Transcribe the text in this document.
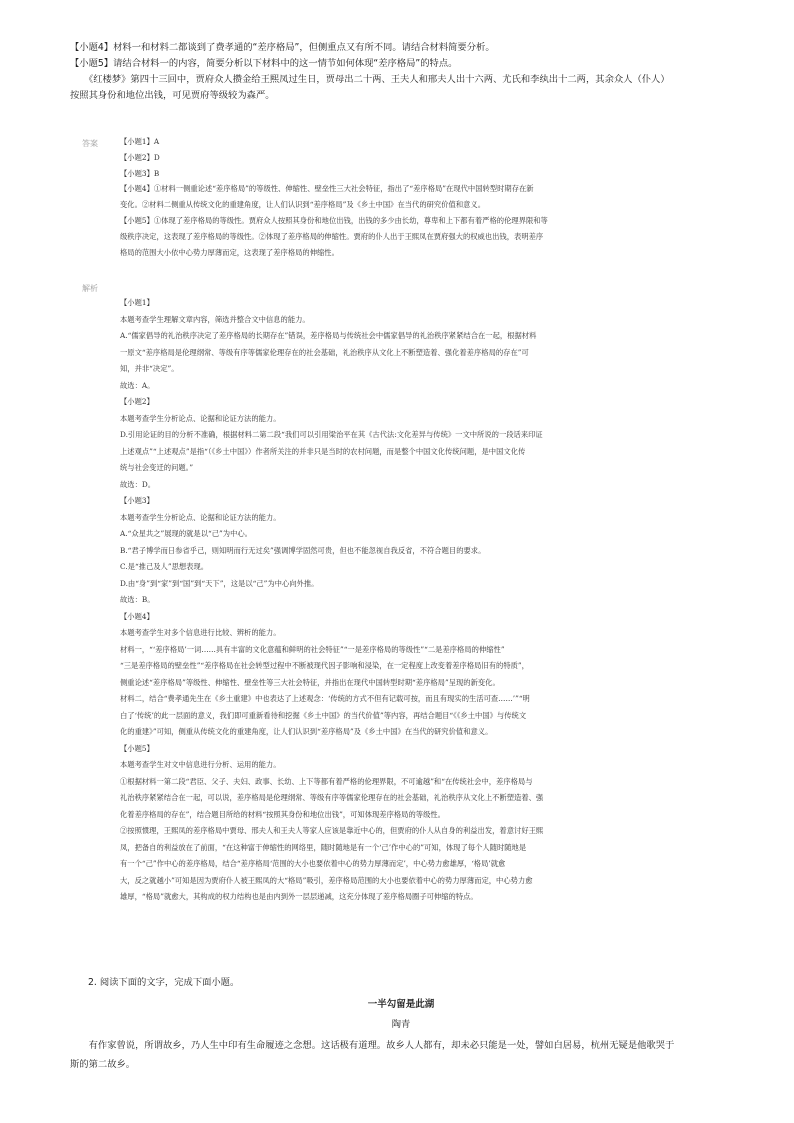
【小题4】材料一和材料二都谈到了费孝通的“差序格局”，但侧重点又有所不同。请结合材料简要分析。
【小题5】请结合材料一的内容，简要分析以下材料中的这一情节如何体现“差序格局”的特点。
　　《红楼梦》第四十三回中，贾府众人攒金给王熙凤过生日，贾母出二十两、王夫人和邢夫人出十六两、尤氏和李纨出十二两，其余众人（仆人）
按照其身份和地位出钱，可见贾府等级较为森严。
答案	【小题1】A
【小题2】D
【小题3】B
【小题4】①材料一侧重论述“差序格局”的等级性、伸缩性、壁垒性三大社会特征，指出了“差序格局”在现代中国转型时期存在新
变化。②材料二侧重从传统文化的重建角度，让人们认识到“差序格局”及《乡土中国》在当代的研究价值和意义。
【小题5】①体现了差序格局的等级性。贾府众人按照其身份和地位出钱，出钱的多少由长幼，尊卑和上下都有着严格的伦理界限和等
级秩序决定，这表现了差序格局的等级性。②体现了差序格局的伸缩性。贾府的仆人出于王熙凤在贾府强大的权威也出钱，表明差序
格局的范围大小依中心势力厚薄而定，这表现了差序格局的伸缩性。
解析
【小题1】
本题考查学生理解文章内容，筛选并整合文中信息的能力。
A.“儒家倡导的礼治秩序决定了差序格局的长期存在”错误，差序格局与传统社会中儒家倡导的礼治秩序紧紧结合在一起，根据材料
一原文“差序格局是伦理纲常、等级有序等儒家伦理存在的社会基础，礼治秩序从文化上不断塑造着、强化着差序格局的存在”可
知，并非“决定”。
故选：A。
【小题2】
本题考查学生分析论点、论据和论证方法的能力。
D.引用论证的目的分析不准确，根据材料二第二段“我们可以引用梁治平在其《古代法:文化差异与传统》一文中所说的一段话来印证
上述观点”“上述观点”是指“（《乡土中国》）作者所关注的并非只是当时的农村问题，而是整个中国文化传统问题，是中国文化传
统与社会变迁的问题。”
故选：D。
【小题3】
本题考查学生分析论点、论据和论证方法的能力。
A.“众星共之”展现的就是以“己”为中心。
B.“君子博学而日参省乎己，则知明而行无过矣”强调博学固然可贵，但也不能忽视自我反省，不符合题目的要求。
C.是“推己及人”思想表现。
D.由“身”到“家”到“国”到“天下”，这是以“己”为中心向外推。
故选：B。
【小题4】
本题考查学生对多个信息进行比较、辨析的能力。
材料一，“‘差序格局’一词……具有丰富的文化意蕴和鲜明的社会特征”“一是差序格局的等级性”“二是差序格局的伸缩性”
“三是差序格局的壁垒性”“差序格局在社会转型过程中不断被现代因子影响和浸染，在一定程度上改变着差序格局旧有的特质”，
侧重论述“差序格局”等级性、伸缩性、壁垒性等三大社会特征，并指出在现代中国转型时期“差序格局”呈现的新变化。
材料二，结合“费孝通先生在《乡土重建》中也表达了上述观念：‘传统的方式不但有记载可按，而且有现实的生活可查……’”“明
白了‘传统’的此一层面的意义，我们即可重新看待和挖掘《乡土中国》的当代价值”等内容，再结合题目“《《乡土中国》与传统文
化的重建》”可知，侧重从传统文化的重建角度，让人们认识到“差序格局”及《乡土中国》在当代的研究价值和意义。
【小题5】
本题考查学生对文中信息进行分析、运用的能力。
①根据材料一第二段“君臣、父子、夫妇、政事、长幼、上下等都有着严格的伦理界限，不可逾越”和“在传统社会中，差序格局与
礼治秩序紧紧结合在一起，可以说，差序格局是伦理纲常、等级有序等儒家伦理存在的社会基础，礼治秩序从文化上不断塑造着、强
化着差序格局的存在”，结合题目所给的材料“按照其身份和地位出钱”，可知体现差序格局的等级性。
②按照惯理，王熙凤的差序格局中贾母、邢夫人和王夫人等家人应该是靠近中心的，但贾府的仆人从自身的利益出发，着意讨好王熙
凤，把备自的利益放在了前面，“在这种富于伸缩性的网络里，随时随地是有一个‘己’作中心的”可知，体现了每个人随时随地是
有一个“己”作中心的差序格局，结合“差序格局‘范围的大小也要依着中心的势力厚薄而定’，中心势力愈雄厚，‘格局’就愈
大，反之就越小”可知是因为贾府仆人被王熙凤的大“格局”吸引，差序格局范围的大小也要依着中心的势力厚薄而定，中心势力愈
雄厚，“格局”就愈大，其构成的权力结构也是由内到外一层层递减，这充分体现了差序格局圈子可伸缩的特点。
2. 阅读下面的文字，完成下面小题。
一半勾留是此湖
陶青
　　有作家曾说，所谓故乡，乃人生中印有生命履迹之念想。这话极有道理。故乡人人都有，却未必只能是一处，譬如白居易，杭州无疑是他歌哭于
斯的第二故乡。
